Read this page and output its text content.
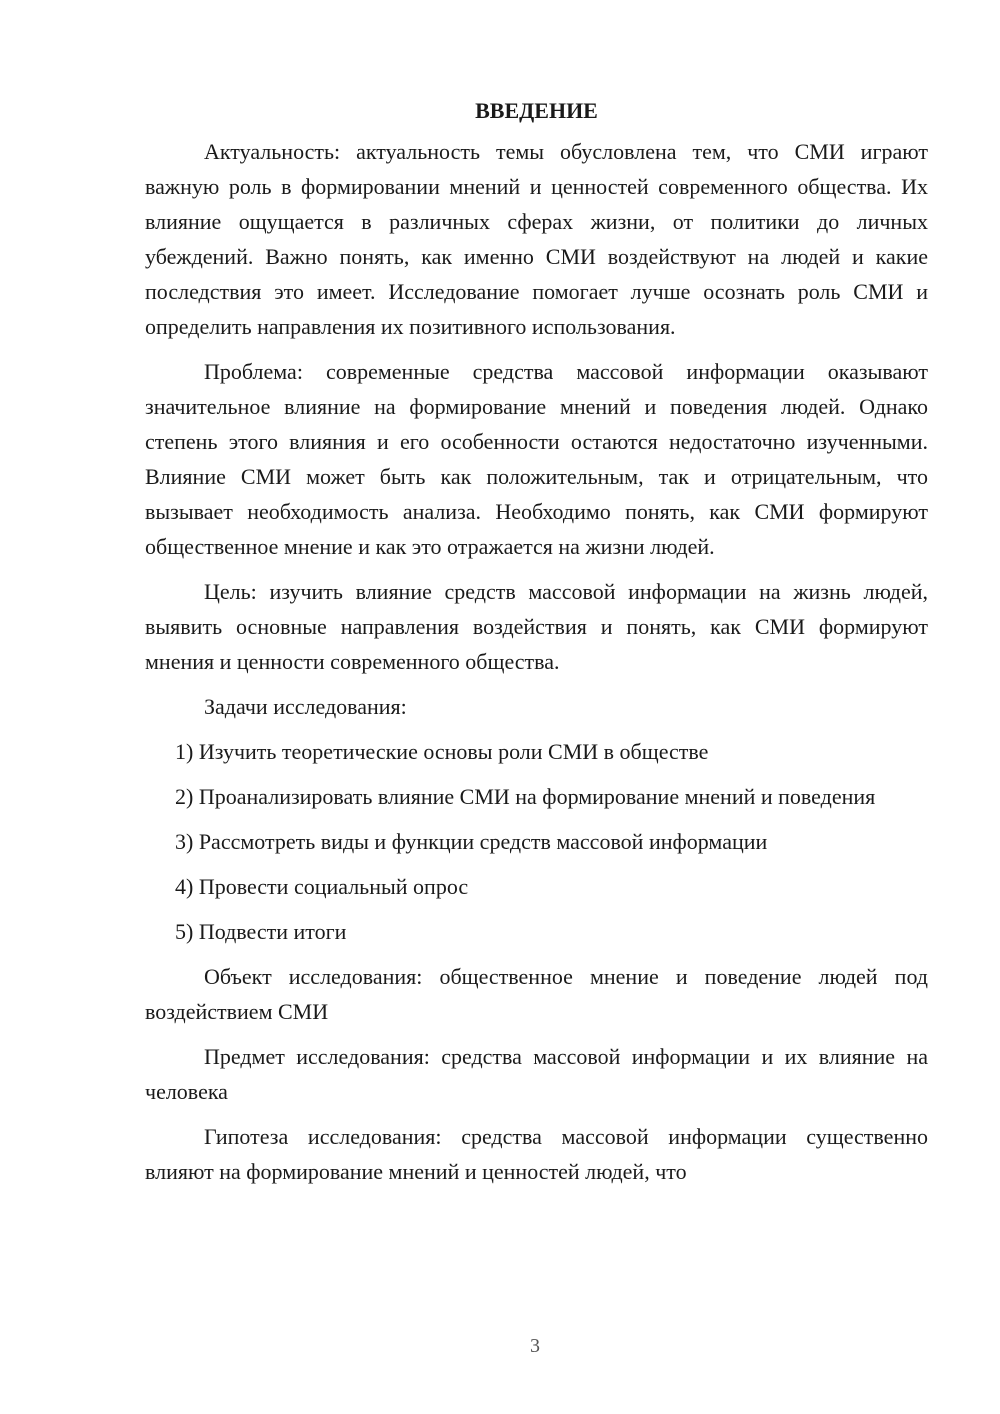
ВВЕДЕНИЕ

Актуальность: актуальность темы обусловлена тем, что СМИ играют важную роль в формировании мнений и ценностей современного общества. Их влияние ощущается в различных сферах жизни, от политики до личных убеждений. Важно понять, как именно СМИ воздействуют на людей и какие последствия это имеет. Исследование помогает лучше осознать роль СМИ и определить направления их позитивного использования.

Проблема: современные средства массовой информации оказывают значительное влияние на формирование мнений и поведения людей. Однако степень этого влияния и его особенности остаются недостаточно изученными. Влияние СМИ может быть как положительным, так и отрицательным, что вызывает необходимость анализа. Необходимо понять, как СМИ формируют общественное мнение и как это отражается на жизни людей.

Цель: изучить влияние средств массовой информации на жизнь людей, выявить основные направления воздействия и понять, как СМИ формируют мнения и ценности современного общества.

Задачи исследования:

1) Изучить теоретические основы роли СМИ в обществе

2) Проанализировать влияние СМИ на формирование мнений и поведения

3) Рассмотреть виды и функции средств массовой информации

4) Провести социальный опрос

5) Подвести итоги

Объект исследования: общественное мнение и поведение людей под воздействием СМИ

Предмет исследования: средства массовой информации и их влияние на человека

Гипотеза исследования: средства массовой информации существенно влияют на формирование мнений и ценностей людей, что

3
